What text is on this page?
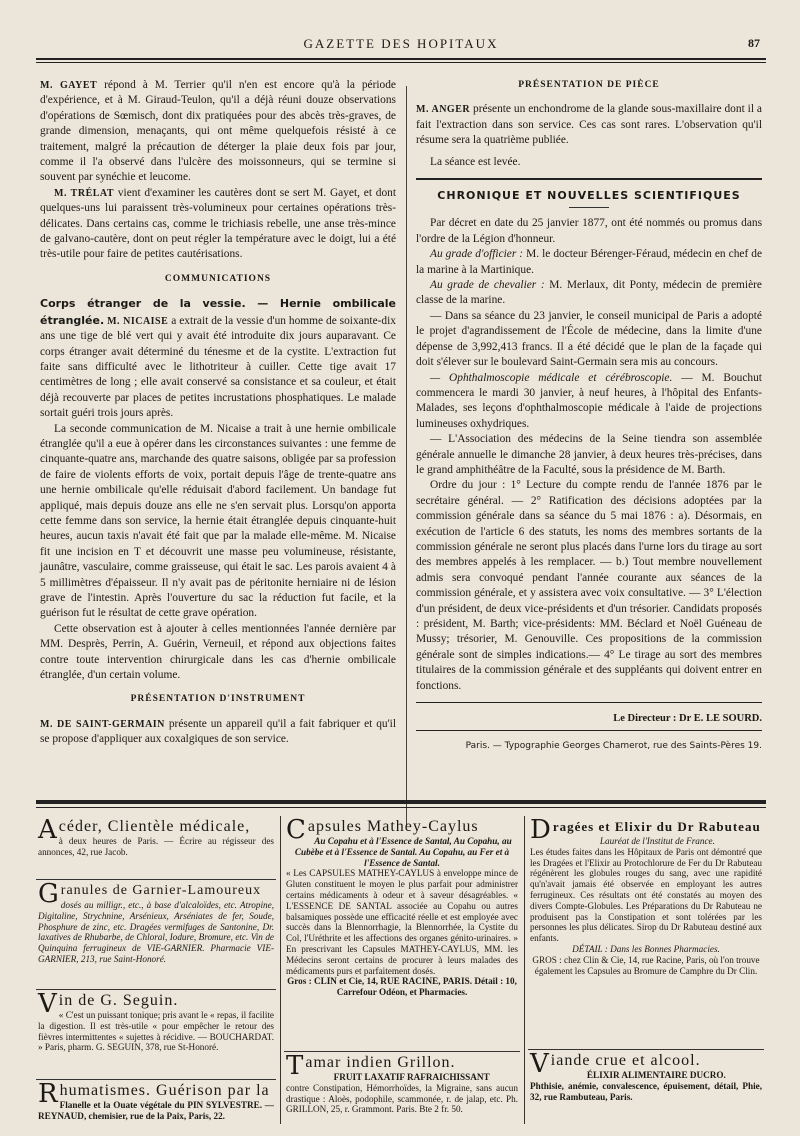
GAZETTE DES HOPITAUX	87

M. GAYET répond à M. Terrier qu'il n'en est encore qu'à la période d'expérience, et à M. Giraud-Teulon, qu'il a déjà réuni douze observations d'opérations de Sœmisch, dont dix pratiquées pour des abcès très-graves, de grande dimension, menaçants, qui ont même quelquefois résisté à ce traitement, malgré la précaution de déterger la plaie deux fois par jour, comme il l'a observé dans l'ulcère des moissonneurs, qui se termine si souvent par synéchie et leucome.

M. TRÉLAT vient d'examiner les cautères dont se sert M. Gayet, et dont quelques-uns lui paraissent très-volumineux pour certaines opérations très-délicates. Dans certains cas, comme le trichiasis rebelle, une anse très-mince de galvano-cautère, dont on peut régler la température avec le doigt, lui a été très-utile pour faire de petites cautérisations.

COMMUNICATIONS

Corps étranger de la vessie. — Hernie ombilicale étranglée. M. NICAISE a extrait de la vessie d'un homme de soixante-dix ans une tige de blé vert qui y avait été introduite dix jours auparavant. Ce corps étranger avait déterminé du ténesme et de la cystite. L'extraction fut faite sans difficulté avec le lithotriteur à cuiller. Cette tige avait 17 centimètres de long ; elle avait conservé sa consistance et sa couleur, et était déjà recouverte par places de petites incrustations phosphatiques. Le malade sortait guéri trois jours après.

La seconde communication de M. Nicaise a trait à une hernie ombilicale étranglée qu'il a eue à opérer dans les circonstances suivantes : une femme de cinquante-quatre ans, marchande des quatre saisons, obligée par sa profession de faire de violents efforts de voix, portait depuis l'âge de trente-quatre ans une hernie ombilicale qu'elle réduisait d'abord facilement. Un bandage fut appliqué, mais depuis douze ans elle ne s'en servait plus. Lorsqu'on apporta cette femme dans son service, la hernie était étranglée depuis cinquante-huit heures, aucun taxis n'avait été fait que par la malade elle-même. M. Nicaise fit une incision en T et découvrit une masse peu volumineuse, résistante, jaunâtre, vasculaire, comme graisseuse, qui était le sac. Les parois avaient 4 à 5 millimètres d'épaisseur. Il n'y avait pas de péritonite herniaire ni de lésion grave de l'intestin. Après l'ouverture du sac la réduction fut facile, et la guérison fut le résultat de cette grave opération.

Cette observation est à ajouter à celles mentionnées l'année dernière par MM. Desprès, Perrin, A. Guérin, Verneuil, et répond aux objections faites contre toute intervention chirurgicale dans les cas d'hernie ombilicale étranglée, d'un certain volume.

PRÉSENTATION D'INSTRUMENT

M. DE SAINT-GERMAIN présente un appareil qu'il a fait fabriquer et qu'il se propose d'appliquer aux coxalgiques de son service.

PRÉSENTATION DE PIÈCE

M. ANGER présente un enchondrome de la glande sous-maxillaire dont il a fait l'extraction dans son service. Ces cas sont rares. L'observation qu'il résume sera la quatrième publiée.

La séance est levée.

CHRONIQUE ET NOUVELLES SCIENTIFIQUES

Par décret en date du 25 janvier 1877, ont été nommés ou promus dans l'ordre de la Légion d'honneur.

Au grade d'officier : M. le docteur Bérenger-Féraud, médecin en chef de la marine à la Martinique.

Au grade de chevalier : M. Merlaux, dit Ponty, médecin de première classe de la marine.

— Dans sa séance du 23 janvier, le conseil municipal de Paris a adopté le projet d'agrandissement de l'École de médecine, dans la limite d'une dépense de 3,992,413 francs. Il a été décidé que le plan de la façade qui doit s'élever sur le boulevard Saint-Germain sera mis au concours.

— Ophthalmoscopie médicale et cérébroscopie. — M. Bouchut commencera le mardi 30 janvier, à neuf heures, à l'hôpital des Enfants-Malades, ses leçons d'ophthalmoscopie médicale à l'aide de projections lumineuses oxhydriques.

— L'Association des médecins de la Seine tiendra son assemblée générale annuelle le dimanche 28 janvier, à deux heures très-précises, dans le grand amphithéâtre de la Faculté, sous la présidence de M. Barth.

Ordre du jour : 1° Lecture du compte rendu de l'année 1876 par le secrétaire général. — 2° Ratification des décisions adoptées par la commission générale dans sa séance du 5 mai 1876 : a). Désormais, en exécution de l'article 6 des statuts, les noms des membres sortants de la commission générale ne seront plus placés dans l'urne lors du tirage au sort des membres appelés à les remplacer. — b.) Tout membre nouvellement admis sera convoqué pendant l'année courante aux séances de la commission générale, et y assistera avec voix consultative. — 3° L'élection d'un président, de deux vice-présidents et d'un trésorier. Candidats proposés : président, M. Barth; vice-présidents: MM. Béclard et Noël Guéneau de Mussy; trésorier, M. Genouville. Ces propositions de la commission générale sont de simples indications.— 4° Le tirage au sort des membres titulaires de la commission générale et des suppléants qui doivent entrer en fonctions.

Le Directeur : Dr E. LE SOURD.
Paris. — Typographie Georges Chamerot, rue des Saints-Pères 19.
A céder, Clientèle médicale,
à deux heures de Paris. — Écrire au régisseur des annonces, 42, rue Jacob.
G ranules de Garnier-Lamoureux
dosés au milligr., etc., à base d'alcaloïdes, etc. Atropine, Digitaline, Strychnine, Arsénieux, Arséniates de fer, Soude, Phosphure de zinc, etc. Dragées vermifuges de Santonine, Dr. laxatives de Rhubarbe, de Chloral, Iodure, Bromure, etc. Vin de Quinquina ferrugineux de VIE-GARNIER. Pharmacie VIE-GARNIER, 213, rue Saint-Honoré.
V in de G. Seguin.
« C'est un puissant tonique; pris avant le « repas, il facilite la digestion. Il est très-utile « pour empêcher le retour des fièvres intermittentes « sujettes à récidive. — BOUCHARDAT. » Paris, pharm. G. SEGUIN, 378, rue St-Honoré.
R humatismes. Guérison par la
Flanelle et la Ouate végétale du PIN SYLVESTRE. — REYNAUD, chemisier, rue de la Paix, Paris, 22.
C apsules Mathey-Caylus
Au Copahu et à l'Essence de Santal, Au Copahu, au Cubèbe et à l'Essence de Santal. Au Copahu, au Fer et à l'Essence de Santal.
« Les CAPSULES MATHEY-CAYLUS à enveloppe mince de Gluten constituent le moyen le plus parfait pour administrer certains médicaments à odeur et à saveur désagréables. « L'ESSENCE DE SANTAL associée au Copahu ou autres balsamiques possède une efficacité réelle et est employée avec succès dans la Blennorrhagie, la Blennorrhée, la Cystite du Col, l'Uréthrite et les affections des organes génito-urinaires. » En prescrivant les Capsules MATHEY-CAYLUS, MM. les Médecins seront certains de procurer à leurs malades des médicaments purs et parfaitement dosés.
Gros : CLIN et Cie, 14, RUE RACINE, PARIS. Détail : 10, Carrefour Odéon, et Pharmacies.
T amar indien Grillon.
FRUIT LAXATIF RAFRAICHISSANT
contre Constipation, Hémorrhoïdes, la Migraine, sans aucun drastique : Aloès, podophile, scammonée, r. de jalap, etc. Ph. GRILLON, 25, r. Grammont. Paris. Bte 2 fr. 50.
D ragées et Elixir du Dr Rabuteau
Lauréat de l'Institut de France.
Les études faites dans les Hôpitaux de Paris ont démontré que les Dragées et l'Elixir au Protochlorure de Fer du Dr Rabuteau régénèrent les globules rouges du sang, avec une rapidité qu'n'avait jamais été observée en employant les autres ferrugineux. Ces résultats ont été constatés au moyen des divers Compte-Globules. Les Préparations du Dr Rabuteau ne produisent pas la Constipation et sont tolérées par les personnes les plus délicates. Sirop du Dr Rabuteau destiné aux enfants.
DÉTAIL : Dans les Bonnes Pharmacies.
GROS : chez Clin & Cie, 14, rue Racine, Paris, où l'on trouve également les Capsules au Bromure de Camphre du Dr Clin.
V iande crue et alcool.
ÉLIXIR ALIMENTAIRE DUCRO.
Phthisie, anémie, convalescence, épuisement, détail, Phie, 32, rue Rambuteau, Paris.
